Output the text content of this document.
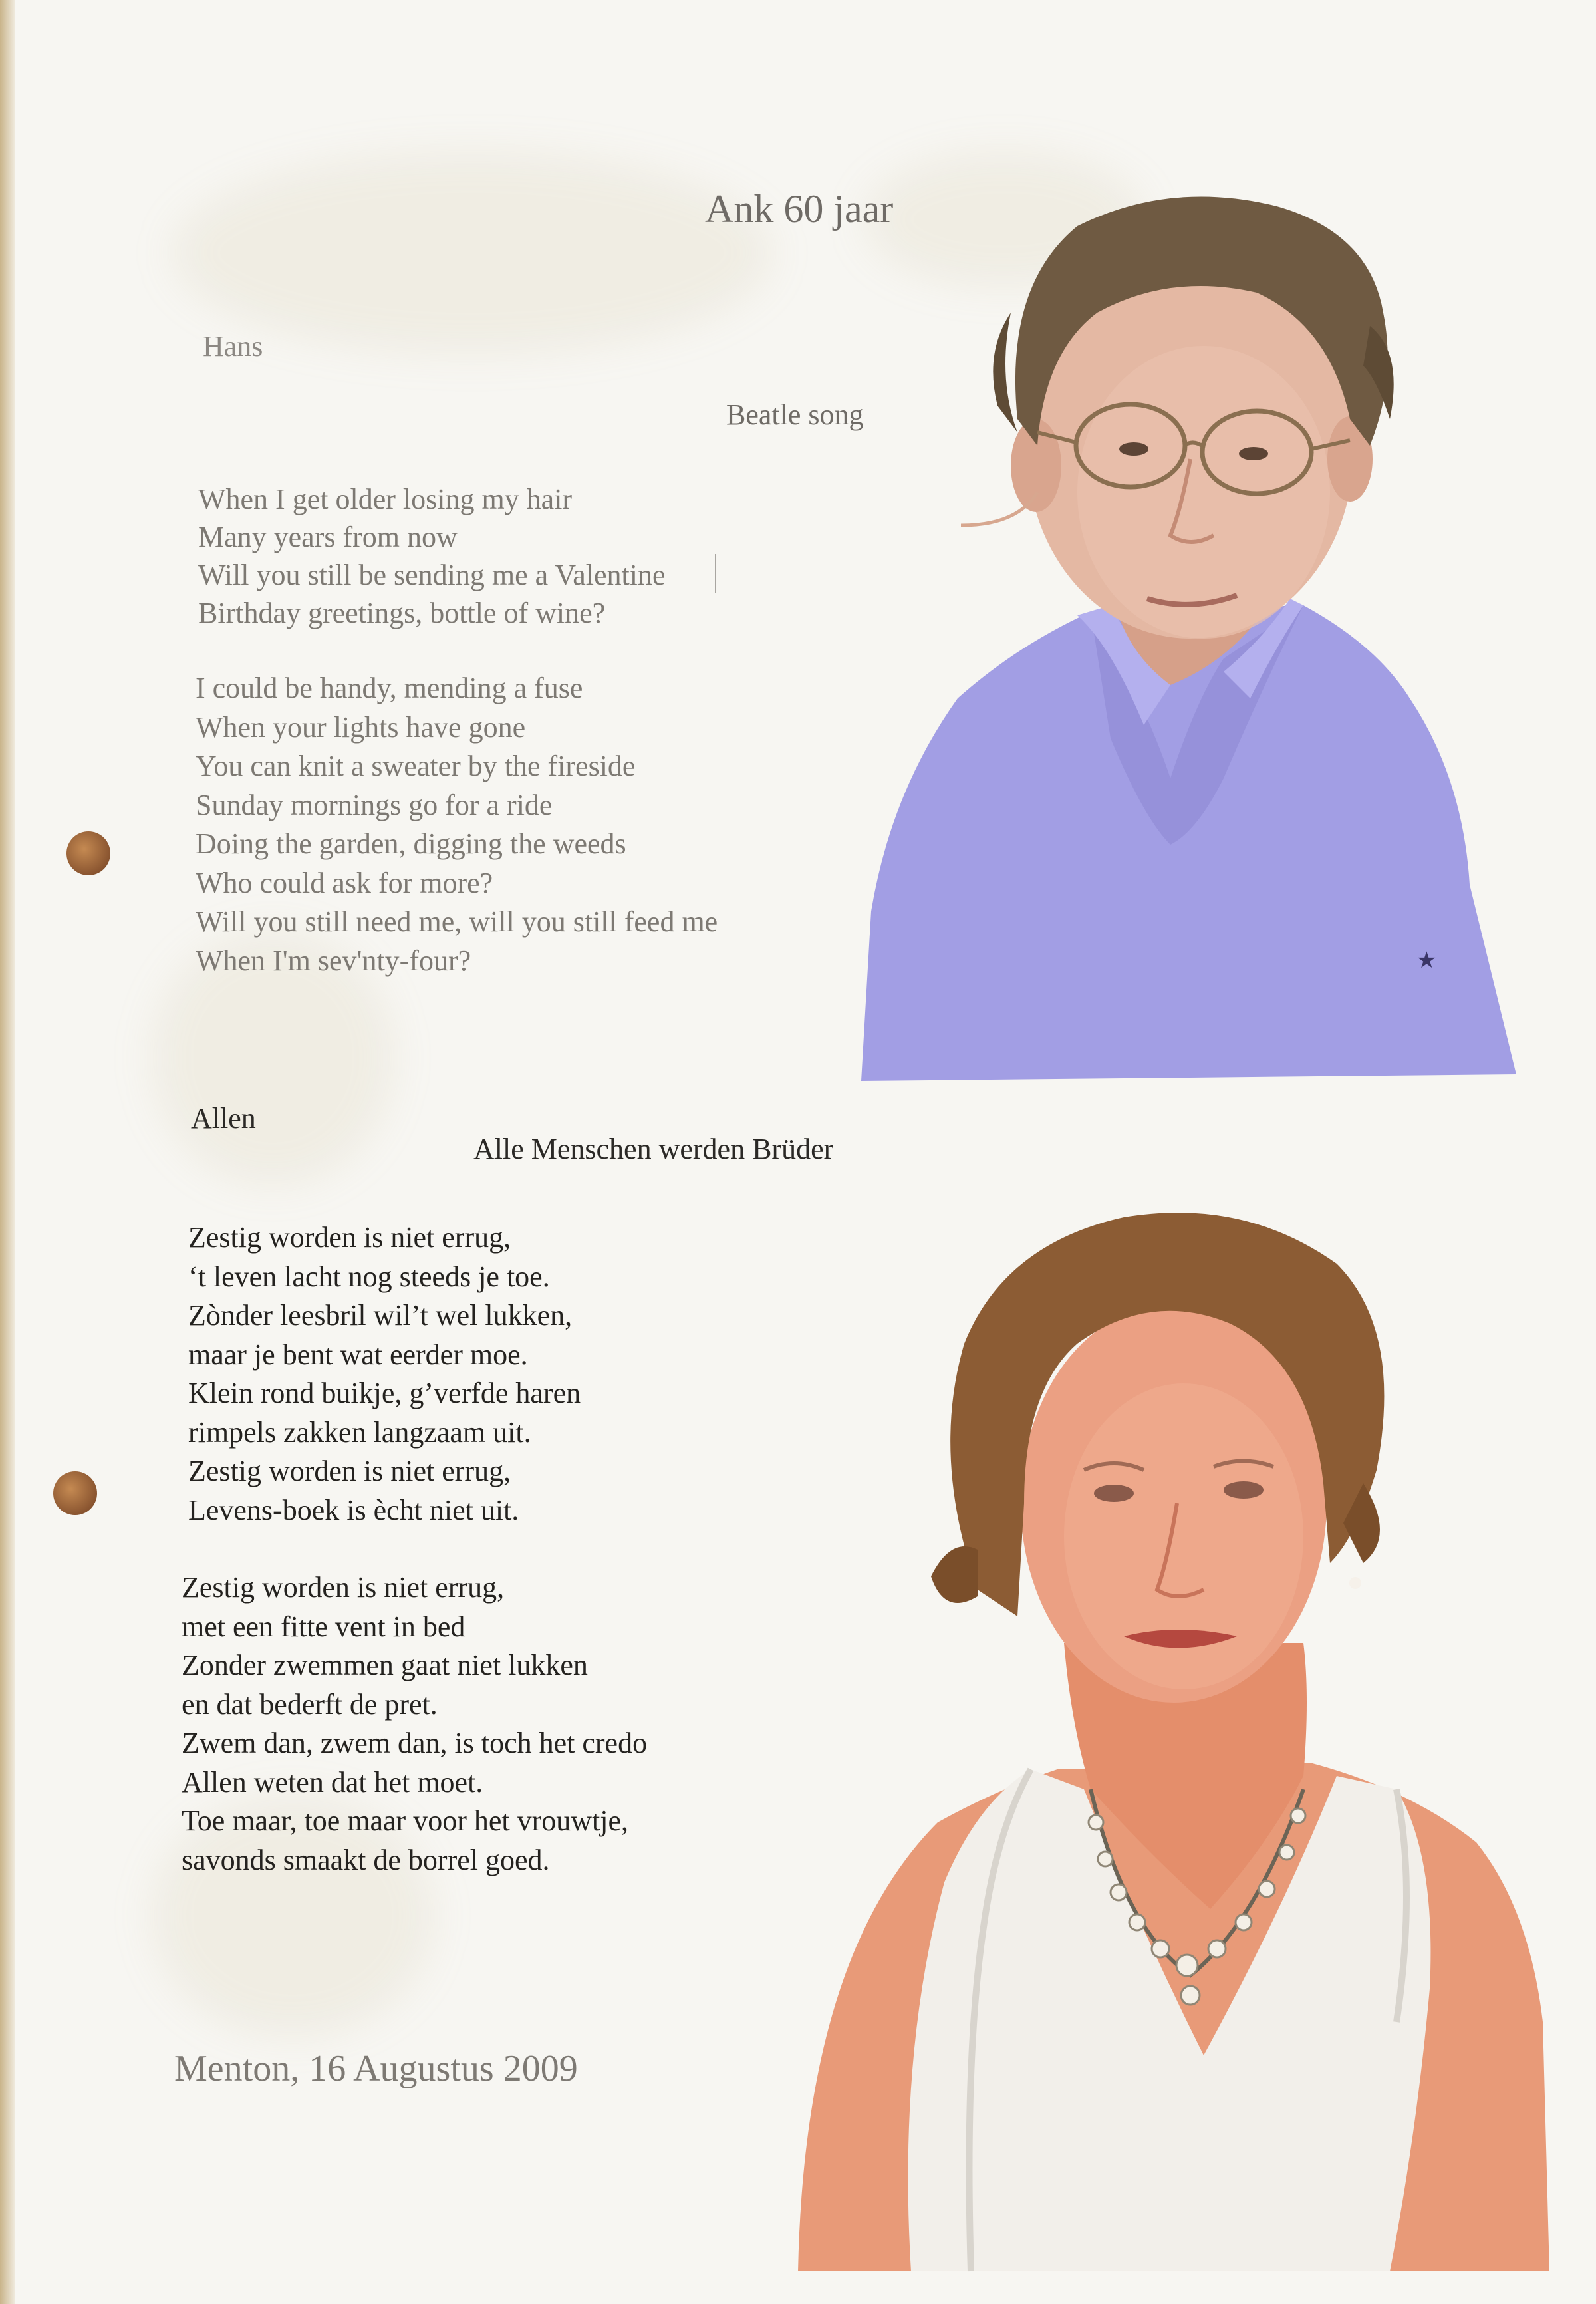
Ank 60 jaar
Hans
Beatle song
When I get older losing my hair
Many years from now
Will you still be sending me a Valentine
Birthday greetings, bottle of wine?
I could be handy, mending a fuse
When your lights have gone
You can knit a sweater by the fireside
Sunday mornings go for a ride
Doing the garden, digging the weeds
Who could ask for more?
Will you still need me, will you still feed me
When I'm sev'nty-four?
Allen
Alle Menschen werden Brüder
Zestig worden is niet errug,
‘t leven lacht nog steeds je toe.
Zònder leesbril wil’t wel lukken,
maar je bent wat eerder moe.
Klein rond buikje, g’verfde haren
rimpels zakken langzaam uit.
Zestig worden is niet errug,
Levens-boek is ècht niet uit.
Zestig worden is niet errug,
met een fitte vent in bed
Zonder zwemmen gaat niet lukken
en dat bederft de pret.
Zwem dan, zwem dan, is toch het credo
Allen weten dat het moet.
Toe maar, toe maar voor het vrouwtje,
savonds smaakt de borrel goed.
Menton, 16 Augustus 2009
★
